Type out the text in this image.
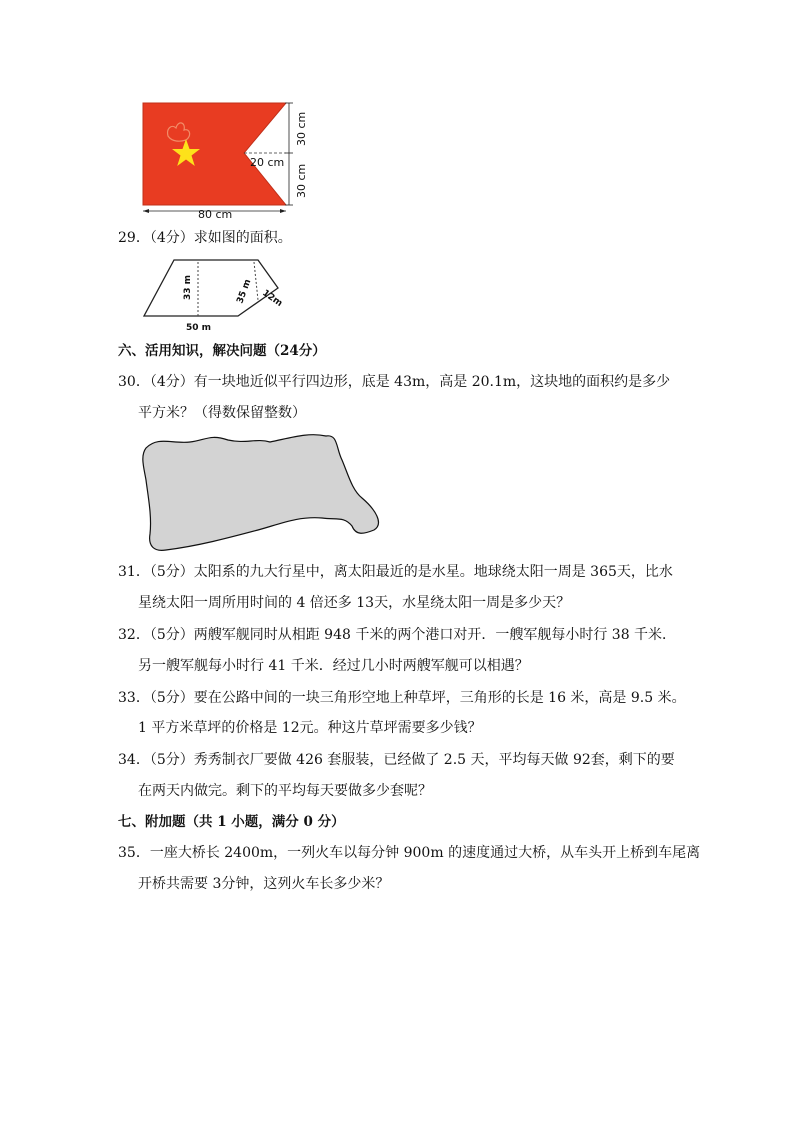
80 cm
20 cm
30 cm
30 cm
29．（4分）求如图的面积。
33 m	35 m 12m
50 m
六、活用知识，解决问题（24分）
30．（4分）有一块地近似平行四边形，底是 43m，高是 20.1m，这块地的面积约是多少
平方米？（得数保留整数）
31．（5分）太阳系的九大行星中，离太阳最近的是水星。地球绕太阳一周是 365天，比水
星绕太阳一周所用时间的 4 倍还多 13天，水星绕太阳一周是多少天？
32．（5分）两艘军舰同时从相距 948 千米的两个港口对开．一艘军舰每小时行 38 千米．
另一艘军舰每小时行 41 千米．经过几小时两艘军舰可以相遇？
33．（5分）要在公路中间的一块三角形空地上种草坪，三角形的长是 16 米，高是 9.5 米。
1 平方米草坪的价格是 12元。种这片草坪需要多少钱？
34．（5分）秀秀制衣厂要做 426 套服装，已经做了 2.5 天，平均每天做 92套，剩下的要
在两天内做完。剩下的平均每天要做多少套呢？
七、附加题（共 1 小题，满分 0 分）
35．一座大桥长 2400m，一列火车以每分钟 900m 的速度通过大桥，从车头开上桥到车尾离
开桥共需要 3分钟，这列火车长多少米？
